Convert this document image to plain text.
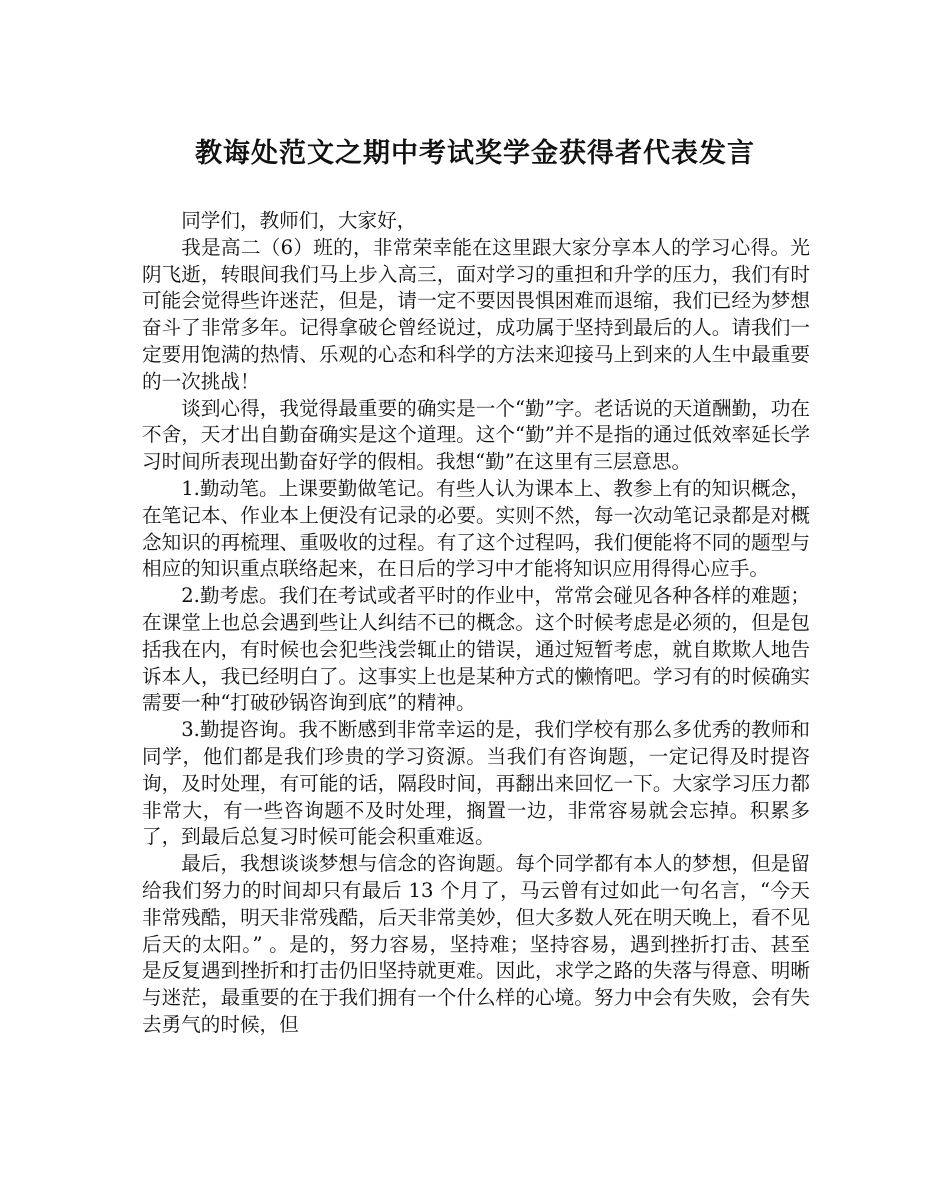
教诲处范文之期中考试奖学金获得者代表发言

同学们，教师们，大家好，

我是高二（6）班的，非常荣幸能在这里跟大家分享本人的学习心得。光阴飞逝，转眼间我们马上步入高三，面对学习的重担和升学的压力，我们有时可能会觉得些许迷茫，但是，请一定不要因畏惧困难而退缩，我们已经为梦想奋斗了非常多年。记得拿破仑曾经说过，成功属于坚持到最后的人。请我们一定要用饱满的热情、乐观的心态和科学的方法来迎接马上到来的人生中最重要的一次挑战！

谈到心得，我觉得最重要的确实是一个“勤”字。老话说的天道酬勤，功在不舍，天才出自勤奋确实是这个道理。这个“勤”并不是指的通过低效率延长学习时间所表现出勤奋好学的假相。我想“勤”在这里有三层意思。

1.勤动笔。上课要勤做笔记。有些人认为课本上、教参上有的知识概念，在笔记本、作业本上便没有记录的必要。实则不然，每一次动笔记录都是对概念知识的再梳理、重吸收的过程。有了这个过程吗，我们便能将不同的题型与相应的知识重点联络起来，在日后的学习中才能将知识应用得得心应手。

2.勤考虑。我们在考试或者平时的作业中，常常会碰见各种各样的难题；在课堂上也总会遇到些让人纠结不已的概念。这个时候考虑是必须的，但是包括我在内，有时候也会犯些浅尝辄止的错误，通过短暂考虑，就自欺欺人地告诉本人，我已经明白了。这事实上也是某种方式的懒惰吧。学习有的时候确实需要一种“打破砂锅咨询到底”的精神。

3.勤提咨询。我不断感到非常幸运的是，我们学校有那么多优秀的教师和同学，他们都是我们珍贵的学习资源。当我们有咨询题，一定记得及时提咨询，及时处理，有可能的话，隔段时间，再翻出来回忆一下。大家学习压力都非常大，有一些咨询题不及时处理，搁置一边，非常容易就会忘掉。积累多了，到最后总复习时候可能会积重难返。

最后，我想谈谈梦想与信念的咨询题。每个同学都有本人的梦想，但是留给我们努力的时间却只有最后 13 个月了，马云曾有过如此一句名言，“今天非常残酷，明天非常残酷，后天非常美妙，但大多数人死在明天晚上，看不见后天的太阳。” 。是的，努力容易，坚持难；坚持容易，遇到挫折打击、甚至是反复遇到挫折和打击仍旧坚持就更难。因此，求学之路的失落与得意、明晰与迷茫，最重要的在于我们拥有一个什么样的心境。努力中会有失败，会有失去勇气的时候，但
